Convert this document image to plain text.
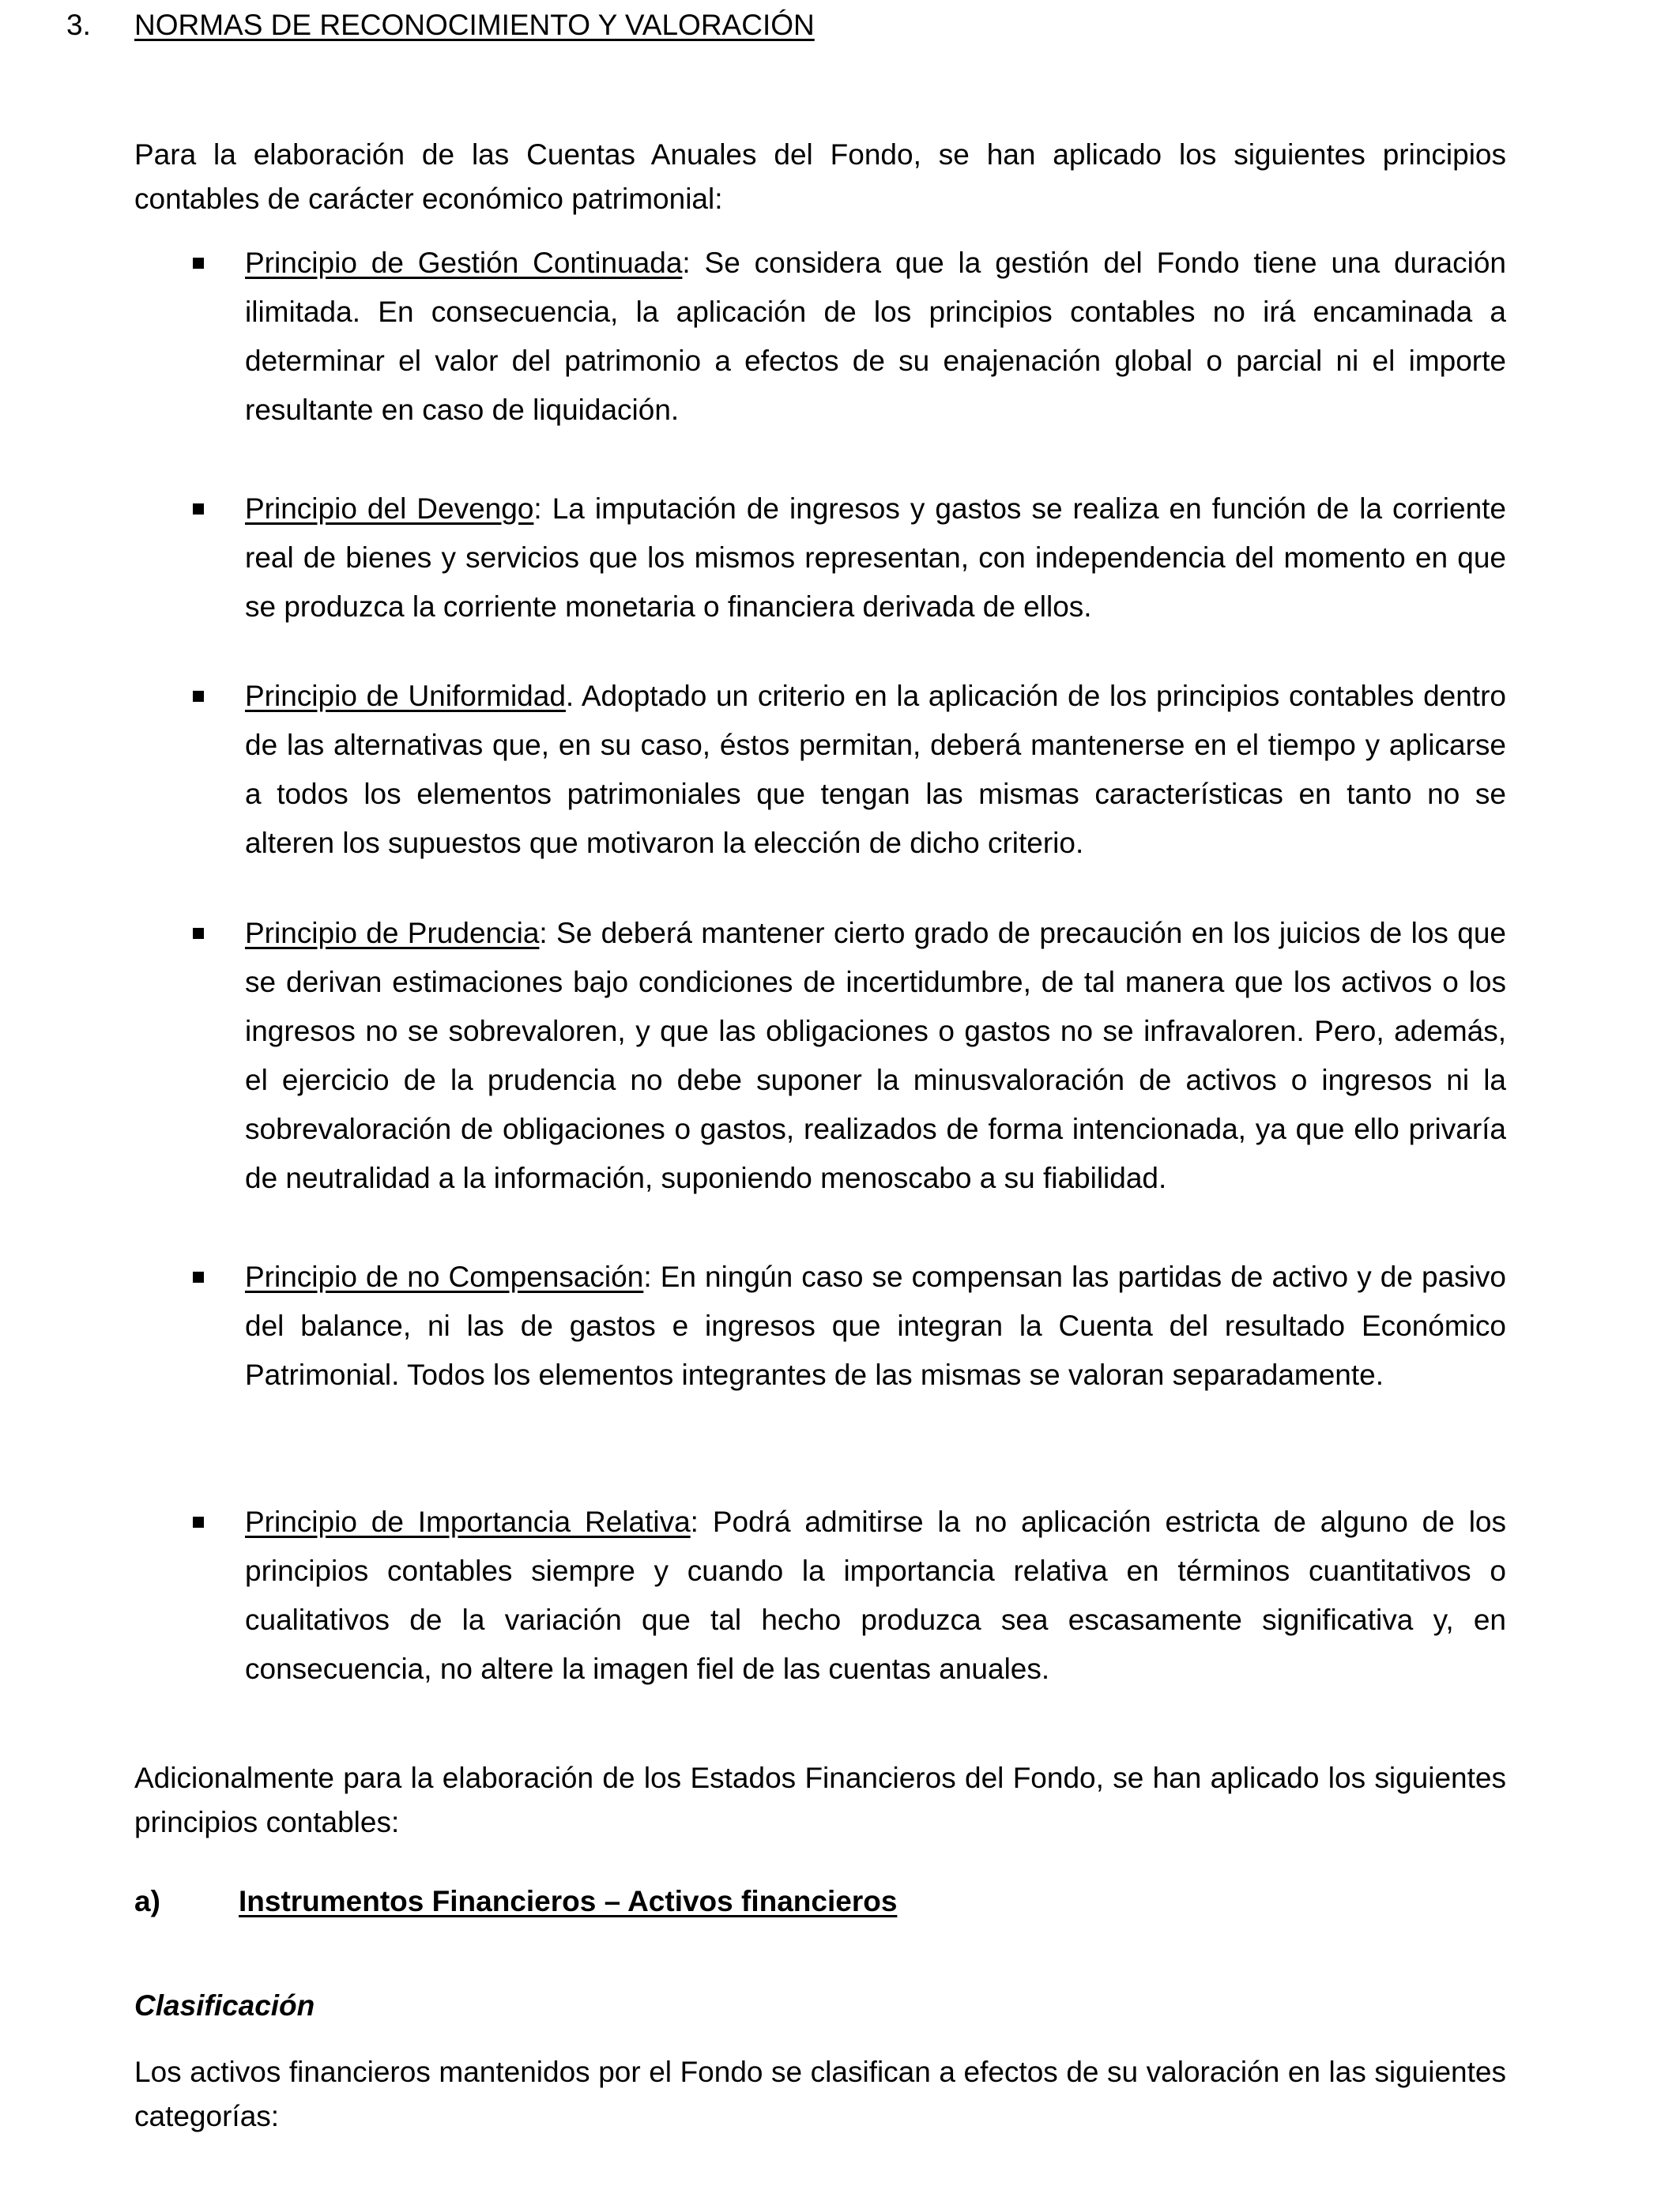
3. NORMAS DE RECONOCIMIENTO Y VALORACIÓN

Para la elaboración de las Cuentas Anuales del Fondo, se han aplicado los siguientes principios contables de carácter económico patrimonial:

Principio de Gestión Continuada: Se considera que la gestión del Fondo tiene una duración ilimitada. En consecuencia, la aplicación de los principios contables no irá encaminada a determinar el valor del patrimonio a efectos de su enajenación global o parcial ni el importe resultante en caso de liquidación.

Principio del Devengo: La imputación de ingresos y gastos se realiza en función de la corriente real de bienes y servicios que los mismos representan, con independencia del momento en que se produzca la corriente monetaria o financiera derivada de ellos.

Principio de Uniformidad. Adoptado un criterio en la aplicación de los principios contables dentro de las alternativas que, en su caso, éstos permitan, deberá mantenerse en el tiempo y aplicarse a todos los elementos patrimoniales que tengan las mismas características en tanto no se alteren los supuestos que motivaron la elección de dicho criterio.

Principio de Prudencia: Se deberá mantener cierto grado de precaución en los juicios de los que se derivan estimaciones bajo condiciones de incertidumbre, de tal manera que los activos o los ingresos no se sobrevaloren, y que las obligaciones o gastos no se infravaloren. Pero, además, el ejercicio de la prudencia no debe suponer la minusvaloración de activos o ingresos ni la sobrevaloración de obligaciones o gastos, realizados de forma intencionada, ya que ello privaría de neutralidad a la información, suponiendo menoscabo a su fiabilidad.

Principio de no Compensación: En ningún caso se compensan las partidas de activo y de pasivo del balance, ni las de gastos e ingresos que integran la Cuenta del resultado Económico Patrimonial. Todos los elementos integrantes de las mismas se valoran separadamente.

Principio de Importancia Relativa: Podrá admitirse la no aplicación estricta de alguno de los principios contables siempre y cuando la importancia relativa en términos cuantitativos o cualitativos de la variación que tal hecho produzca sea escasamente significativa y, en consecuencia, no altere la imagen fiel de las cuentas anuales.

Adicionalmente para la elaboración de los Estados Financieros del Fondo, se han aplicado los siguientes principios contables:

a)	Instrumentos Financieros – Activos financieros
Clasificación

Los activos financieros mantenidos por el Fondo se clasifican a efectos de su valoración en las siguientes categorías:
